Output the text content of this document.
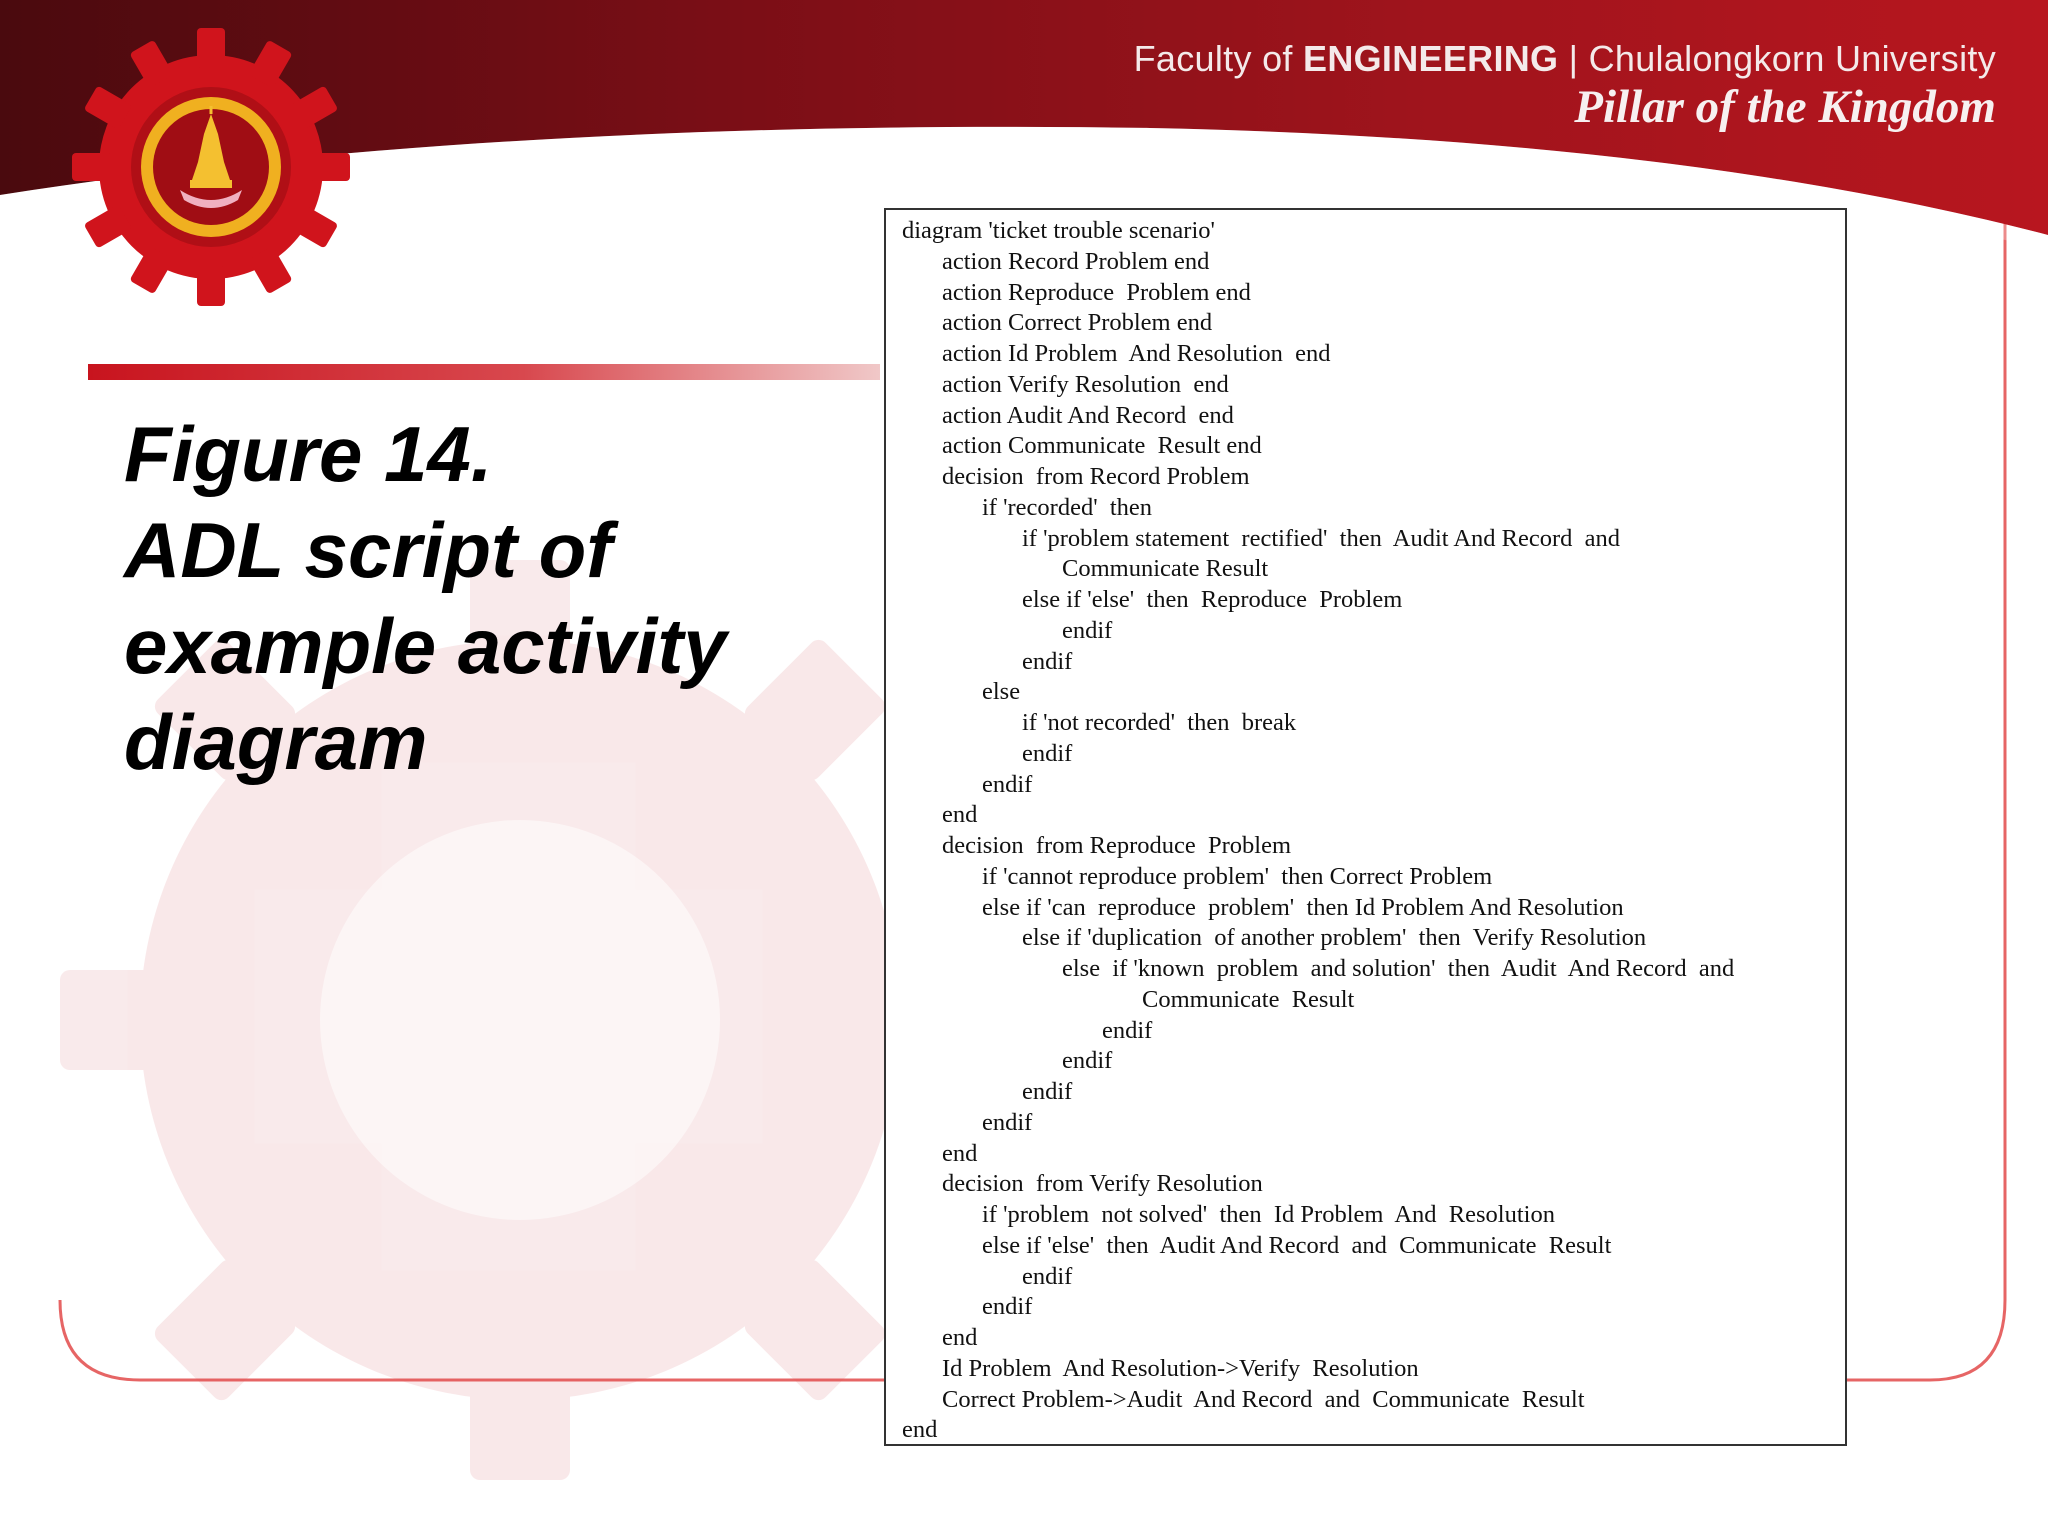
Faculty of ENGINEERING | Chulalongkorn University
Pillar of the Kingdom
Figure 14.
ADL script of
example activity
diagram
diagram 'ticket trouble scenario'
action Record Problem end
action Reproduce  Problem end
action Correct Problem end
action Id Problem  And Resolution  end
action Verify Resolution  end
action Audit And Record  end
action Communicate  Result end
decision  from Record Problem
if 'recorded'  then
if 'problem statement  rectified'  then  Audit And Record  and
Communicate Result
else if 'else'  then  Reproduce  Problem
endif
endif
else
if 'not recorded'  then  break
endif
endif
end
decision  from Reproduce  Problem
if 'cannot reproduce problem'  then Correct Problem
else if 'can  reproduce  problem'  then Id Problem And Resolution
else if 'duplication  of another problem'  then  Verify Resolution
else  if 'known  problem  and solution'  then  Audit  And Record  and
Communicate  Result
endif
endif
endif
endif
end
decision  from Verify Resolution
if 'problem  not solved'  then  Id Problem  And  Resolution
else if 'else'  then  Audit And Record  and  Communicate  Result
endif
endif
end
Id Problem  And Resolution->Verify  Resolution
Correct Problem->Audit  And Record  and  Communicate  Result
end
